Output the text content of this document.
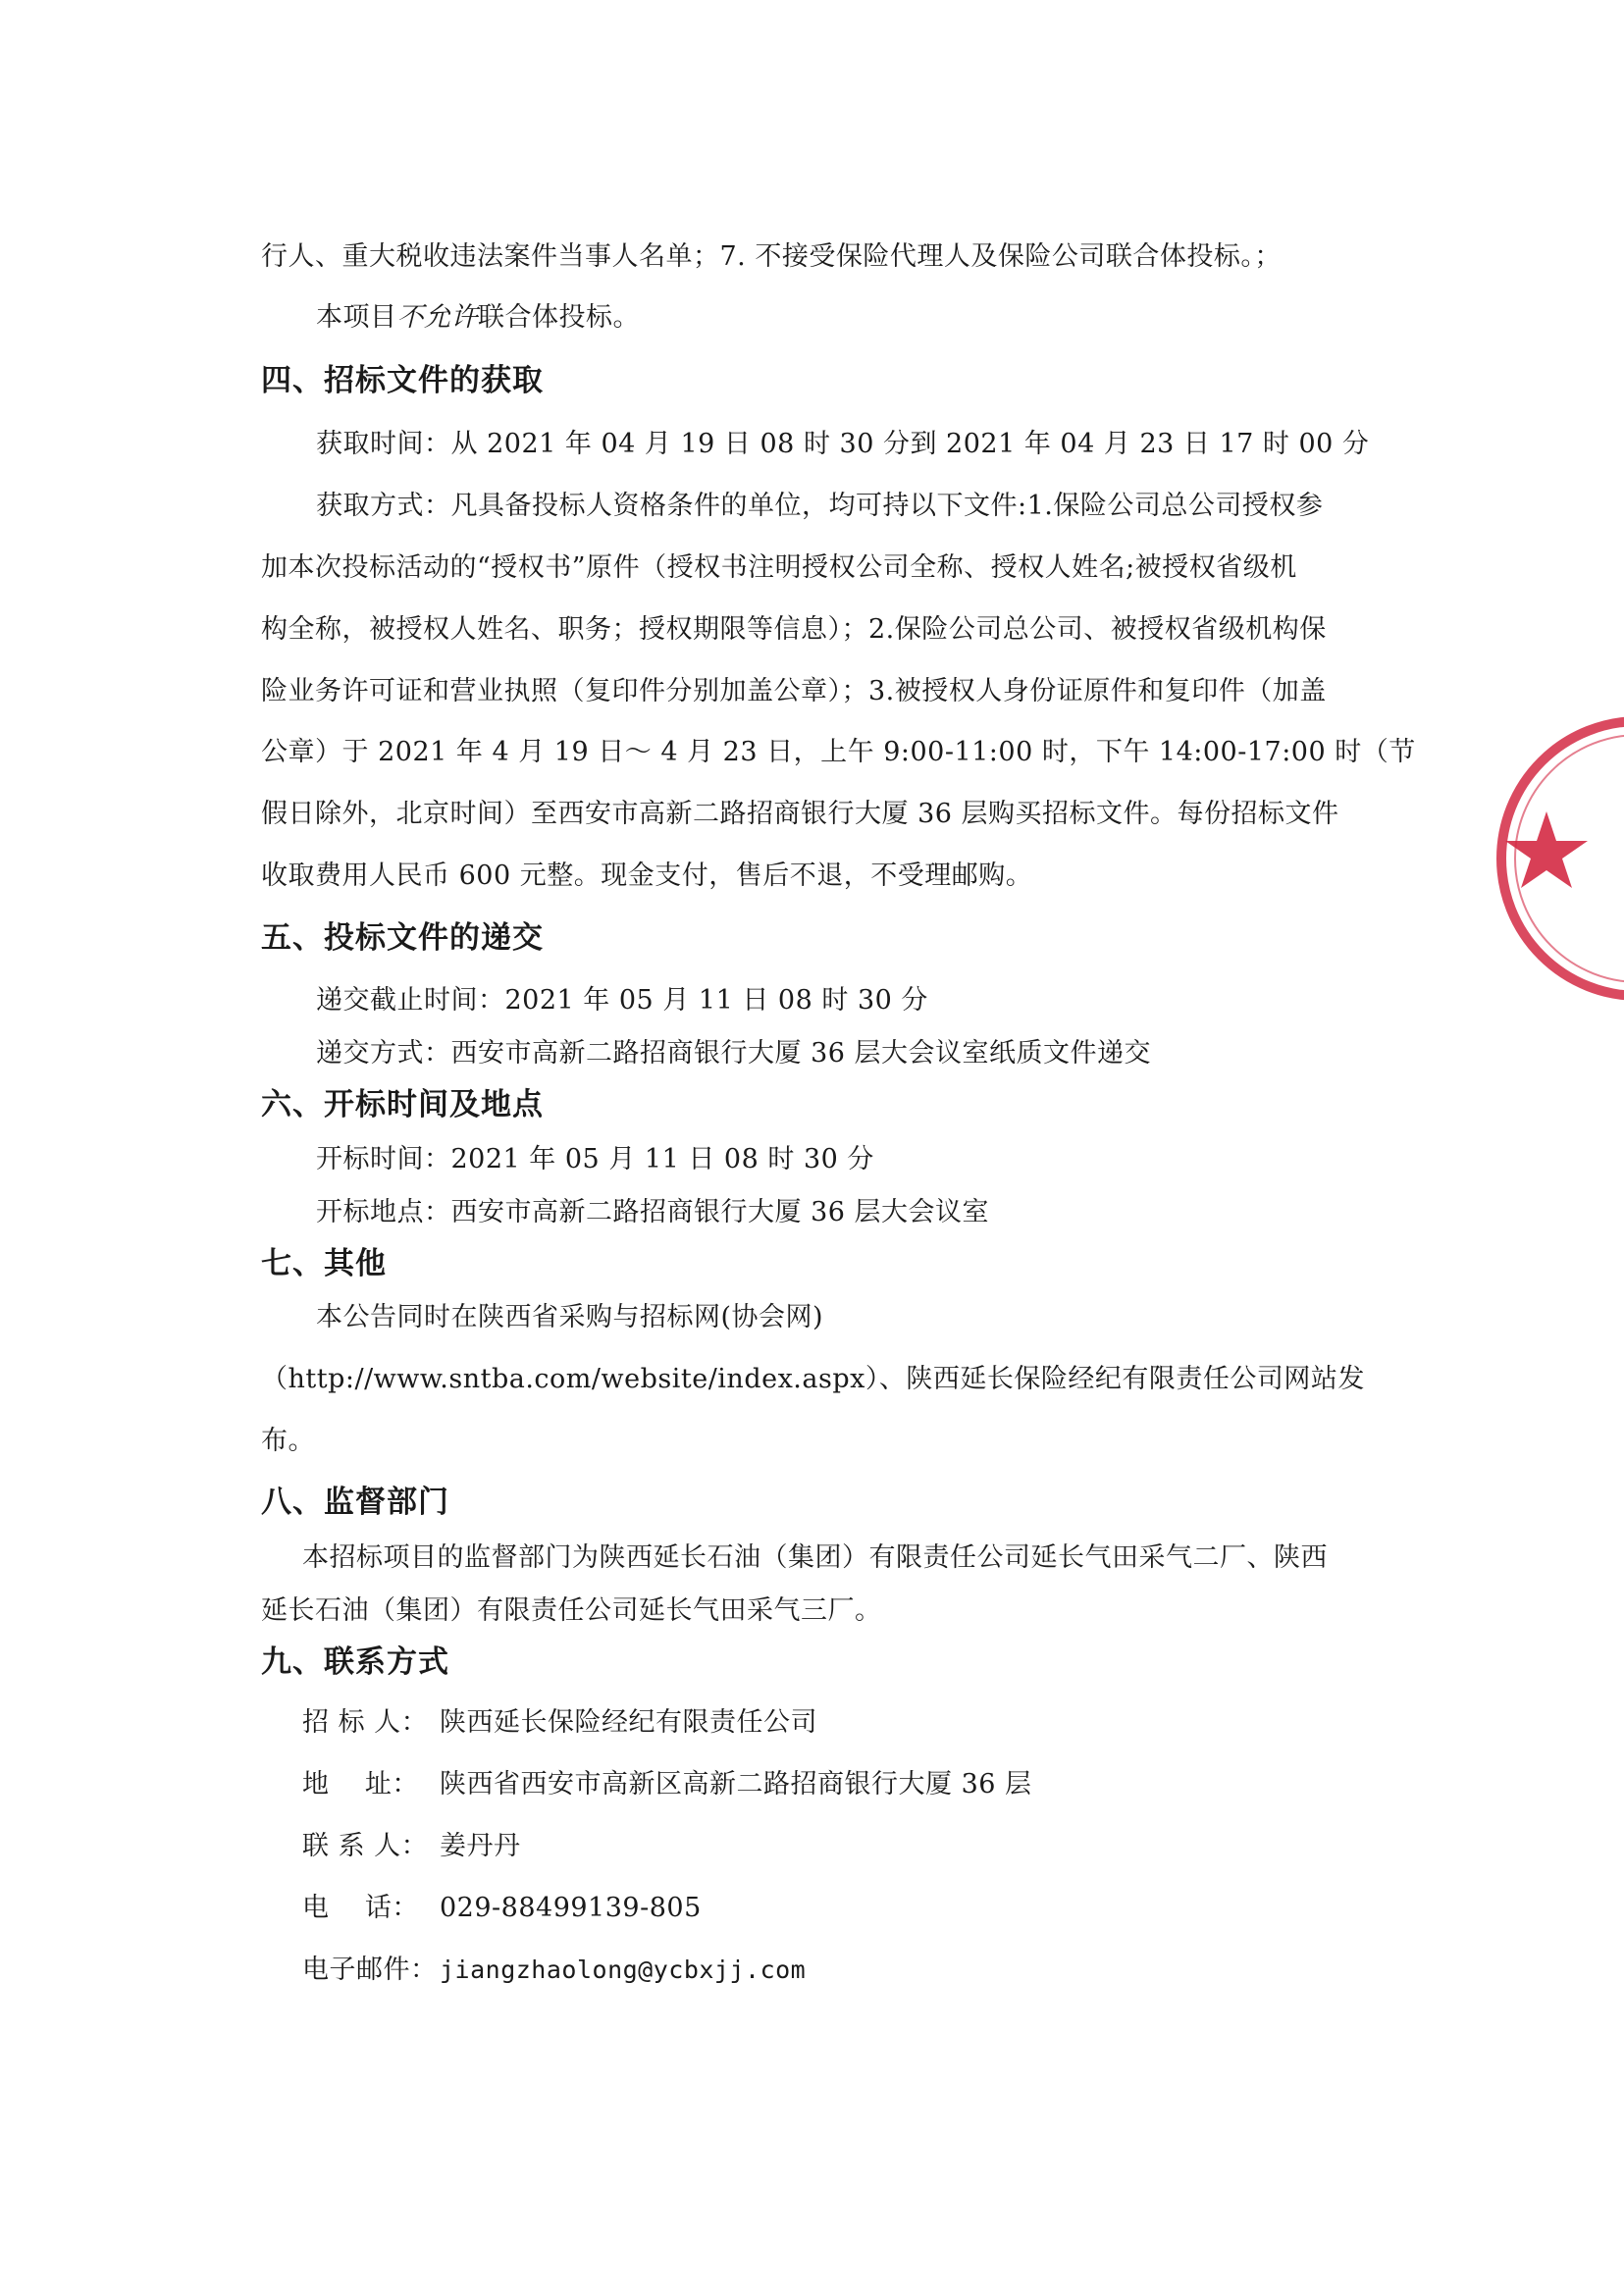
行人、重大税收违法案件当事人名单；7. 不接受保险代理人及保险公司联合体投标。；
本项目不允许联合体投标。
四、招标文件的获取
获取时间：从 2021 年 04 月 19 日 08 时 30 分到 2021 年 04 月 23 日 17 时 00 分
获取方式：凡具备投标人资格条件的单位，均可持以下文件:1.保险公司总公司授权参
加本次投标活动的“授权书”原件（授权书注明授权公司全称、授权人姓名;被授权省级机
构全称，被授权人姓名、职务；授权期限等信息）；2.保险公司总公司、被授权省级机构保
险业务许可证和营业执照（复印件分别加盖公章）；3.被授权人身份证原件和复印件（加盖
公章）于 2021 年 4 月 19 日～ 4 月 23 日，上午 9:00-11:00 时，下午 14:00-17:00 时（节
假日除外，北京时间）至西安市高新二路招商银行大厦 36 层购买招标文件。每份招标文件
收取费用人民币 600 元整。现金支付，售后不退，不受理邮购。
五、投标文件的递交
递交截止时间：2021 年 05 月 11 日 08 时 30 分
递交方式：西安市高新二路招商银行大厦 36 层大会议室纸质文件递交
六、开标时间及地点
开标时间：2021 年 05 月 11 日 08 时 30 分
开标地点：西安市高新二路招商银行大厦 36 层大会议室
七、其他
本公告同时在陕西省采购与招标网(协会网)
（http://www.sntba.com/website/index.aspx）、陕西延长保险经纪有限责任公司网站发
布。
八、监督部门
本招标项目的监督部门为陕西延长石油（集团）有限责任公司延长气田采气二厂、陕西
延长石油（集团）有限责任公司延长气田采气三厂。
九、联系方式
招 标 人： 陕西延长保险经纪有限责任公司
地    址： 陕西省西安市高新区高新二路招商银行大厦 36 层
联 系 人： 姜丹丹
电    话： 029-88499139-805
电子邮件： jiangzhaolong@ycbxjj.com
